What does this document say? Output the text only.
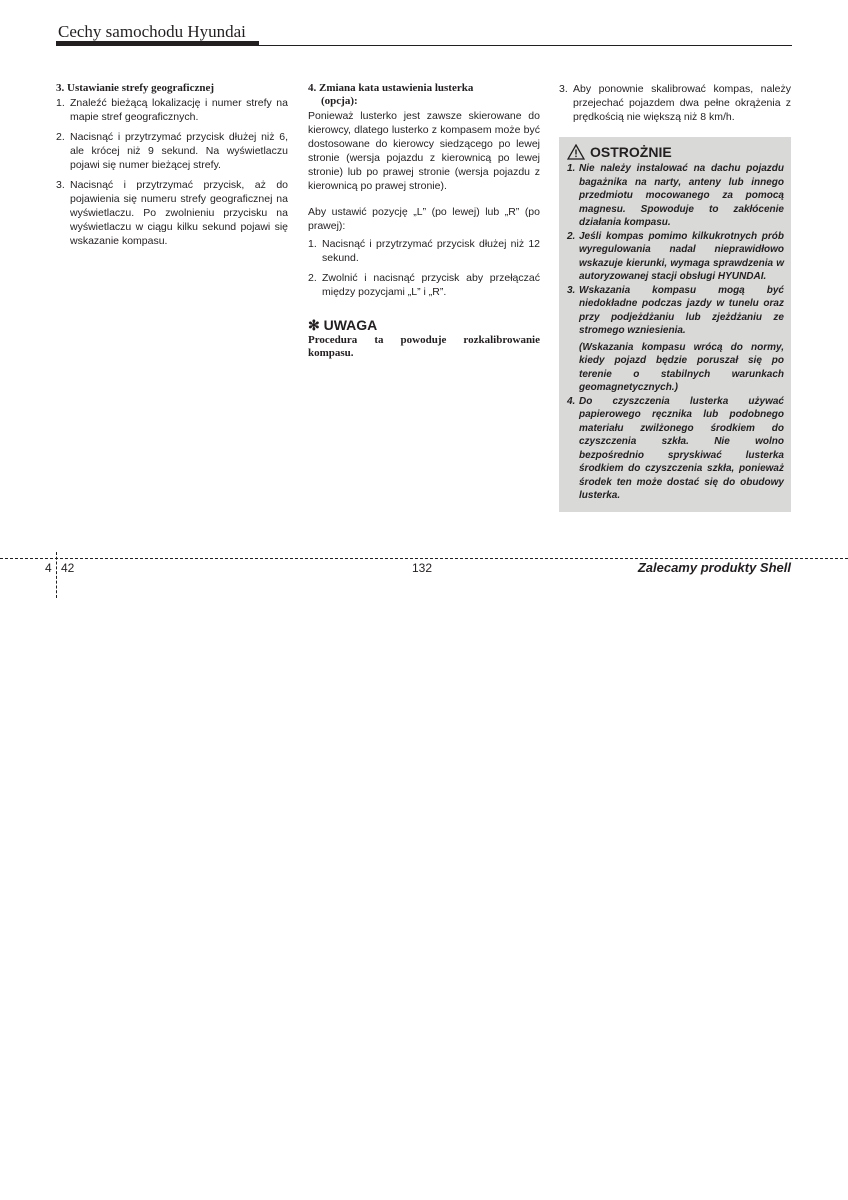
Cechy samochodu Hyundai
3. Ustawianie strefy geograficznej
1. Znaleźć bieżącą lokalizację i numer strefy na mapie stref geograficznych.
2. Nacisnąć i przytrzymać przycisk dłużej niż 6, ale krócej niż 9 sekund. Na wyświetlaczu pojawi się numer bieżącej strefy.
3. Nacisnąć i przytrzymać przycisk, aż do pojawienia się numeru strefy geograficznej na wyświetlaczu. Po zwolnieniu przycisku na wyświetlaczu w ciągu kilku sekund pojawi się wskazanie kompasu.
4. Zmiana kata ustawienia lusterka
(opcja):

Ponieważ lusterko jest zawsze skierowane do kierowcy, dlatego lusterko z kompasem może być dostosowane do kierowcy siedzącego po lewej stronie (wersja pojazdu z kierownicą po lewej stronie) lub po prawej stronie (wersja pojazdu z kierownicą po prawej stronie).

Aby ustawić pozycję „L” (po lewej) lub „R” (po prawej):

1. Nacisnąć i przytrzymać przycisk dłużej niż 12 sekund.
2. Zwolnić i nacisnąć przycisk aby przełączać między pozycjami „L” i „R”.
✻ UWAGA
Procedura ta powoduje rozkalibrowanie kompasu.
3. Aby ponownie skalibrować kompas, należy przejechać pojazdem dwa pełne okrążenia z prędkością nie większą niż 8 km/h.
OSTROŻNIE
1. Nie należy instalować na dachu pojazdu bagażnika na narty, anteny lub innego przedmiotu mocowanego za pomocą magnesu. Spowoduje to zakłócenie działania kompasu.
2. Jeśli kompas pomimo kilkukrotnych prób wyregulowania nadal nieprawidłowo wskazuje kierunki, wymaga sprawdzenia w autoryzowanej stacji obsługi HYUNDAI.
3. Wskazania kompasu mogą być niedokładne podczas jazdy w tunelu oraz przy podjeżdżaniu lub zjeżdżaniu ze stromego wzniesienia.
(Wskazania kompasu wrócą do normy, kiedy pojazd będzie poruszał się po terenie o stabilnych warunkach geomagnetycznych.)
4. Do czyszczenia lusterka używać papierowego ręcznika lub podobnego materiału zwilżonego środkiem do czyszczenia szkła. Nie wolno bezpośrednio spryskiwać lusterka środkiem do czyszczenia szkła, ponieważ środek ten może dostać się do obudowy lusterka.
4 42	132	Zalecamy produkty Shell
